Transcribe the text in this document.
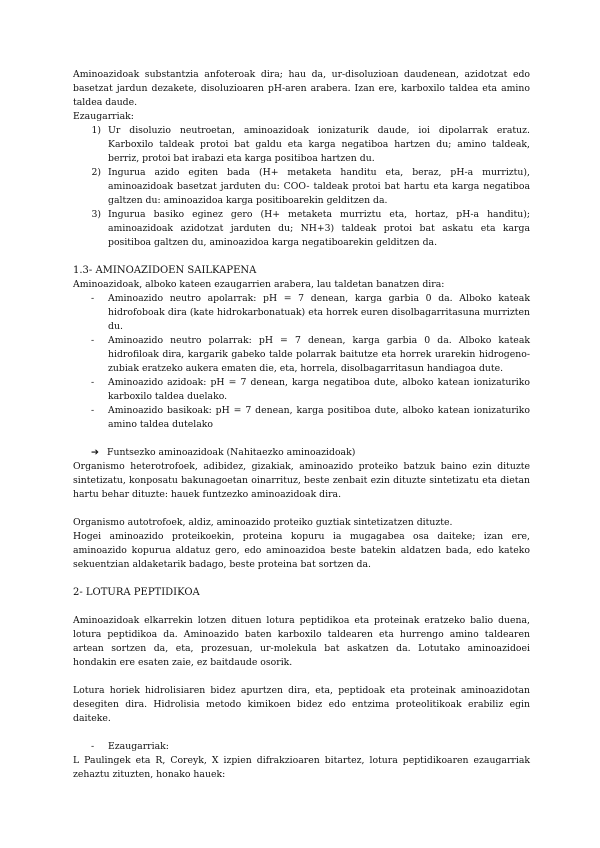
Aminoazidoak substantzia anfoteroak dira; hau da, ur-disoluzioan daudenean, azidotzat edo basetzat jardun dezakete, disoluzioaren pH-aren arabera. Izan ere, karboxilo taldea eta amino taldea daude.

Ezaugarriak:

1) Ur disoluzio neutroetan, aminoazidoak ionizaturik daude, ioi dipolarrak eratuz. Karboxilo taldeak protoi bat galdu eta karga negatiboa hartzen du; amino taldeak, berriz, protoi bat irabazi eta karga positiboa hartzen du.
2) Ingurua azido egiten bada (H+ metaketa handitu eta, beraz, pH-a murriztu), aminoazidoak basetzat jarduten du: COO- taldeak protoi bat hartu eta karga negatiboa galtzen du: aminoazidoa karga positiboarekin gelditzen da.
3) Ingurua basiko eginez gero (H+ metaketa murriztu eta, hortaz, pH-a handitu); aminoazidoak azidotzat jarduten du; NH+3) taldeak protoi bat askatu eta karga positiboa galtzen du, aminoazidoa karga negatiboarekin gelditzen da.

1.3- AMINOAZIDOEN SAILKAPENA

Aminoazidoak, alboko kateen ezaugarrien arabera, lau taldetan banatzen dira:

-	Aminoazido neutro apolarrak: pH = 7 denean, karga garbia 0 da. Alboko kateak hidrofoboak dira (kate hidrokarbonatuak) eta horrek euren disolbagarritasuna murrizten du.
-	Aminoazido neutro polarrak: pH = 7 denean, karga garbia 0 da. Alboko kateak hidrofiloak dira, kargarik gabeko talde polarrak baitutze eta horrek urarekin hidrogeno-zubiak eratzeko aukera ematen die, eta, horrela, disolbagarritasun handiagoa dute.
-	Aminoazido azidoak: pH = 7 denean, karga negatiboa dute, alboko katean ionizaturiko karboxilo taldea duelako.
-	Aminoazido basikoak: pH = 7 denean, karga positiboa dute, alboko katean ionizaturiko amino taldea dutelako
➔ Funtsezko aminoazidoak (Nahitaezko aminoazidoak)

Organismo heterotrofoek, adibidez, gizakiak, aminoazido proteiko batzuk baino ezin dituzte sintetizatu, konposatu bakunagoetan oinarrituz, beste zenbait ezin dituzte sintetizatu eta dietan hartu behar dituzte: hauek funtzezko aminoazidoak dira.

Organismo autotrofoek, aldiz, aminoazido proteiko guztiak sintetizatzen dituzte.

Hogei aminoazido proteikoekin, proteina kopuru ia mugagabea osa daiteke; izan ere, aminoazido kopurua aldatuz gero, edo aminoazidoa beste batekin aldatzen bada, edo kateko sekuentzian aldaketarik badago, beste proteina bat sortzen da.

2- LOTURA PEPTIDIKOA

Aminoazidoak elkarrekin lotzen dituen lotura peptidikoa eta proteinak eratzeko balio duena, lotura peptidikoa da. Aminoazido baten karboxilo taldearen eta hurrengo amino taldearen artean sortzen da, eta, prozesuan, ur-molekula bat askatzen da. Lotutako aminoazidoei hondakin ere esaten zaie, ez baitdaude osorik.

Lotura horiek hidrolisiaren bidez apurtzen dira, eta, peptidoak eta proteinak aminoazidotan desegiten dira. Hidrolisia metodo kimikoen bidez edo entzima proteolitikoak erabiliz egin daiteke.

-	Ezaugarriak:

L Paulingek eta R, Coreyk, X izpien difrakzioaren bitartez, lotura peptidikoaren ezaugarriak zehaztu zituzten, honako hauek:
